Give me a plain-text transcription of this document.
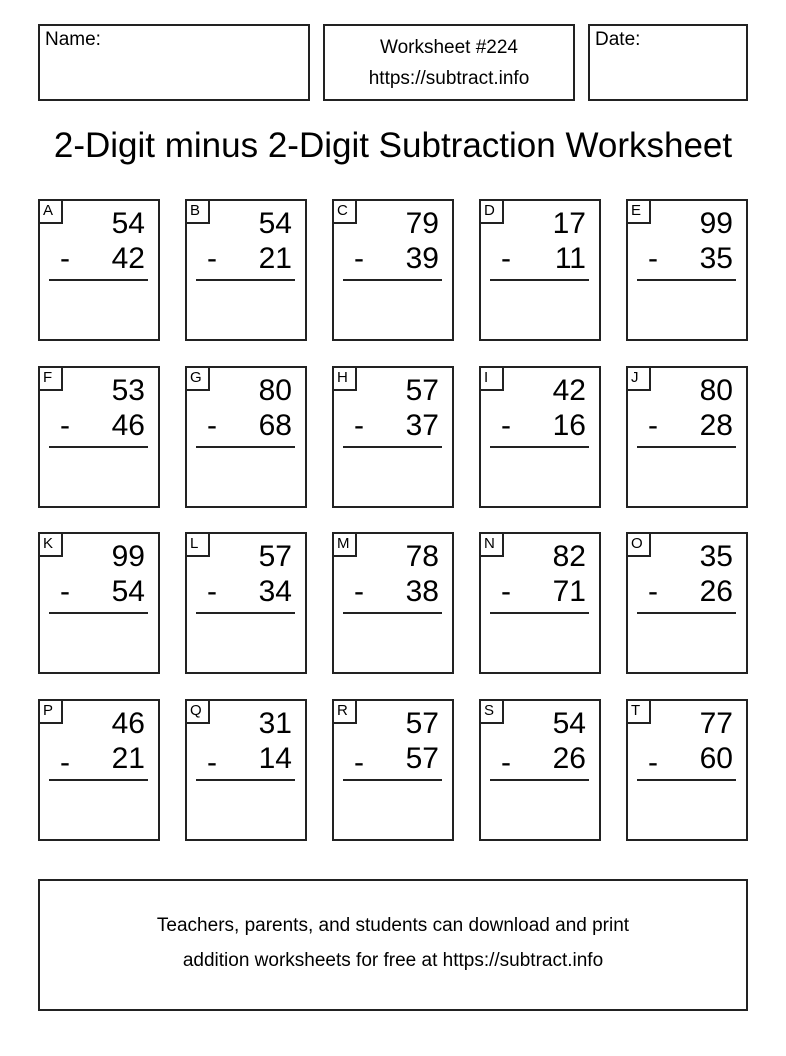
Name:	Worksheet #224
https://subtract.info
Date:
2-Digit minus 2-Digit Subtraction Worksheet
A	54
- 42
B	54
- 21
C	79
- 39
D	17
- 11
E	99
- 35
F	53
- 46
G 80
- 68
H	57
- 37
I	42
- 16
J	80
- 28
K	99
- 54
L	57
- 34
M 78
- 38
N	82
- 71
O 35
- 26
P	46
- 21
Q 31
- 14
R	57
- 57
S	54
- 26
T	77
- 60
Teachers, parents, and students can download and print
addition worksheets for free at https://subtract.info
